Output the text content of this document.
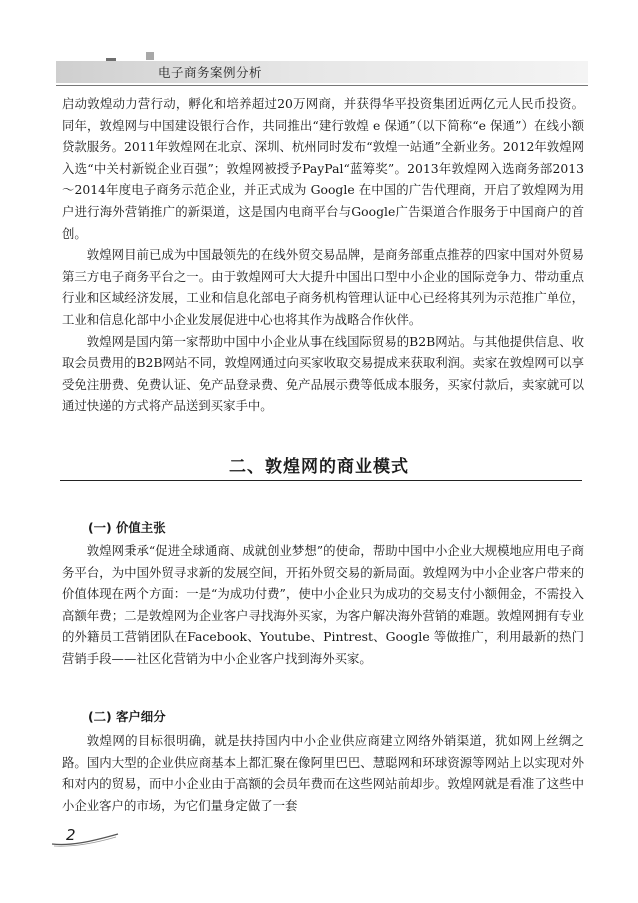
电子商务案例分析

启动敦煌动力营行动，孵化和培养超过20万网商，并获得华平投资集团近两亿元人民币投资。同年，敦煌网与中国建设银行合作，共同推出“建行敦煌 e 保通”（以下简称“e 保通”）在线小额贷款服务。2011年敦煌网在北京、深圳、杭州同时发布“敦煌一站通”全新业务。2012年敦煌网入选“中关村新锐企业百强”；敦煌网被授予PayPal“蓝筹奖”。2013年敦煌网入选商务部2013～2014年度电子商务示范企业，并正式成为 Google 在中国的广告代理商，开启了敦煌网为用户进行海外营销推广的新渠道，这是国内电商平台与Google广告渠道合作服务于中国商户的首创。

敦煌网目前已成为中国最领先的在线外贸交易品牌，是商务部重点推荐的四家中国对外贸易第三方电子商务平台之一。由于敦煌网可大大提升中国出口型中小企业的国际竞争力、带动重点行业和区域经济发展，工业和信息化部电子商务机构管理认证中心已经将其列为示范推广单位，工业和信息化部中小企业发展促进中心也将其作为战略合作伙伴。

敦煌网是国内第一家帮助中国中小企业从事在线国际贸易的B2B网站。与其他提供信息、收取会员费用的B2B网站不同，敦煌网通过向买家收取交易提成来获取利润。卖家在敦煌网可以享受免注册费、免费认证、免产品登录费、免产品展示费等低成本服务，买家付款后，卖家就可以通过快递的方式将产品送到买家手中。

二、敦煌网的商业模式
(一) 价值主张

敦煌网秉承“促进全球通商、成就创业梦想”的使命，帮助中国中小企业大规模地应用电子商务平台，为中国外贸寻求新的发展空间，开拓外贸交易的新局面。敦煌网为中小企业客户带来的价值体现在两个方面：一是“为成功付费”，使中小企业只为成功的交易支付小额佣金，不需投入高额年费；二是敦煌网为企业客户寻找海外买家，为客户解决海外营销的难题。敦煌网拥有专业的外籍员工营销团队在Facebook、Youtube、Pintrest、Google 等做推广，利用最新的热门营销手段——社区化营销为中小企业客户找到海外买家。

(二) 客户细分

敦煌网的目标很明确，就是扶持国内中小企业供应商建立网络外销渠道，犹如网上丝绸之路。国内大型的企业供应商基本上都汇聚在像阿里巴巴、慧聪网和环球资源等网站上以实现对外和对内的贸易，而中小企业由于高额的会员年费而在这些网站前却步。敦煌网就是看准了这些中小企业客户的市场，为它们量身定做了一套

2
